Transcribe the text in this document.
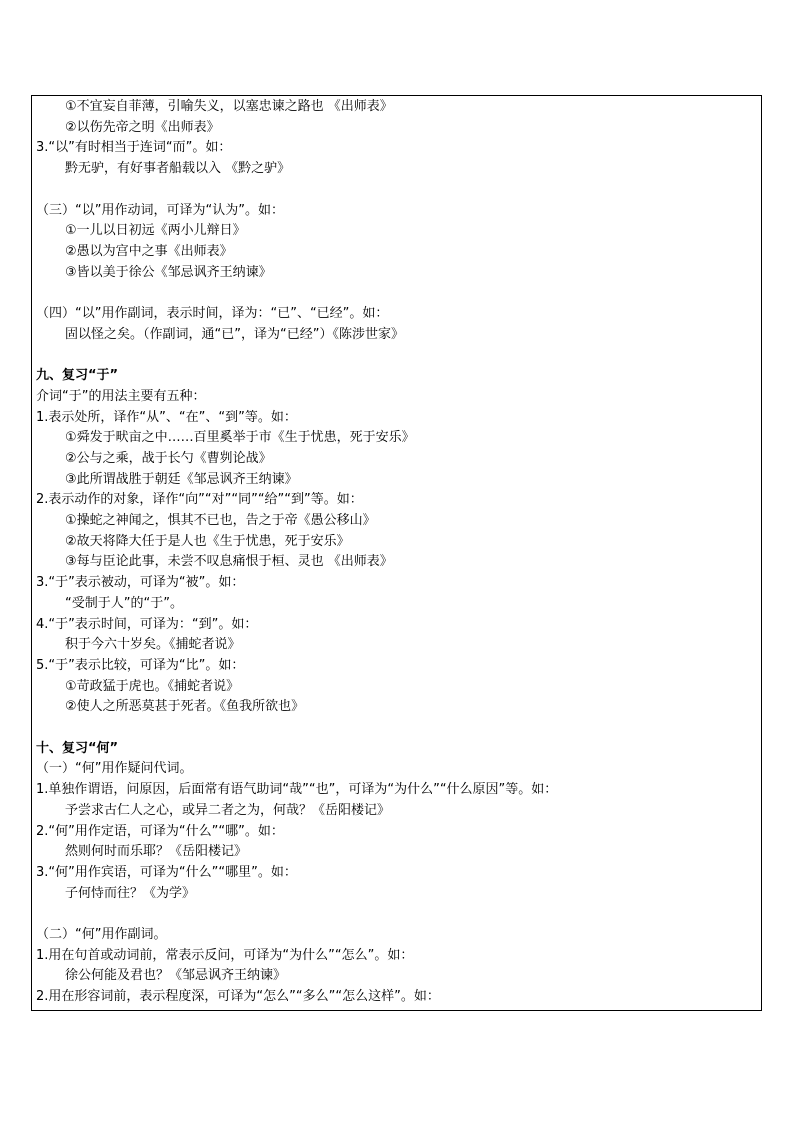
①不宜妄自菲薄，引喻失义，以塞忠谏之路也 《出师表》
②以伤先帝之明《出师表》
3.“以”有时相当于连词“而”。如：
黔无驴，有好事者船载以入 《黔之驴》
（三）“以”用作动词，可译为“认为”。如：
①一儿以日初远《两小儿辩日》
②愚以为宫中之事《出师表》
③皆以美于徐公《邹忌讽齐王纳谏》
（四）“以”用作副词，表示时间，译为：“已”、“已经”。如：
固以怪之矣。（作副词，通“已”，译为“已经”）《陈涉世家》
九、复习“于”
介词“于”的用法主要有五种：
1.表示处所，译作“从”、“在”、“到”等。如：
①舜发于畎亩之中……百里奚举于市《生于忧患，死于安乐》
②公与之乘，战于长勺《曹刿论战》
③此所谓战胜于朝廷《邹忌讽齐王纳谏》
2.表示动作的对象，译作“向”“对”“同”“给”“到”等。如：
①操蛇之神闻之，惧其不已也，告之于帝《愚公移山》
②故天将降大任于是人也《生于忧患，死于安乐》
③每与臣论此事，未尝不叹息痛恨于桓、灵也 《出师表》
3.“于”表示被动，可译为“被”。如：
“受制于人”的“于”。
4.“于”表示时间，可译为：“到”。如：
积于今六十岁矣。《捕蛇者说》
5.“于”表示比较，可译为“比”。如：
①苛政猛于虎也。《捕蛇者说》
②使人之所恶莫甚于死者。《鱼我所欲也》
十、复习“何”
（一）“何”用作疑问代词。
1.单独作谓语，问原因，后面常有语气助词“哉”“也”，可译为“为什么”“什么原因”等。如：
予尝求古仁人之心，或异二者之为，何哉？《岳阳楼记》
2.“何”用作定语，可译为“什么”“哪”。如：
然则何时而乐耶？《岳阳楼记》
3.“何”用作宾语，可译为“什么”“哪里”。如：
子何恃而往？《为学》
（二）“何”用作副词。
1.用在句首或动词前，常表示反问，可译为“为什么”“怎么”。如：
徐公何能及君也？《邹忌讽齐王纳谏》
2.用在形容词前，表示程度深，可译为“怎么”“多么”“怎么这样”。如：
